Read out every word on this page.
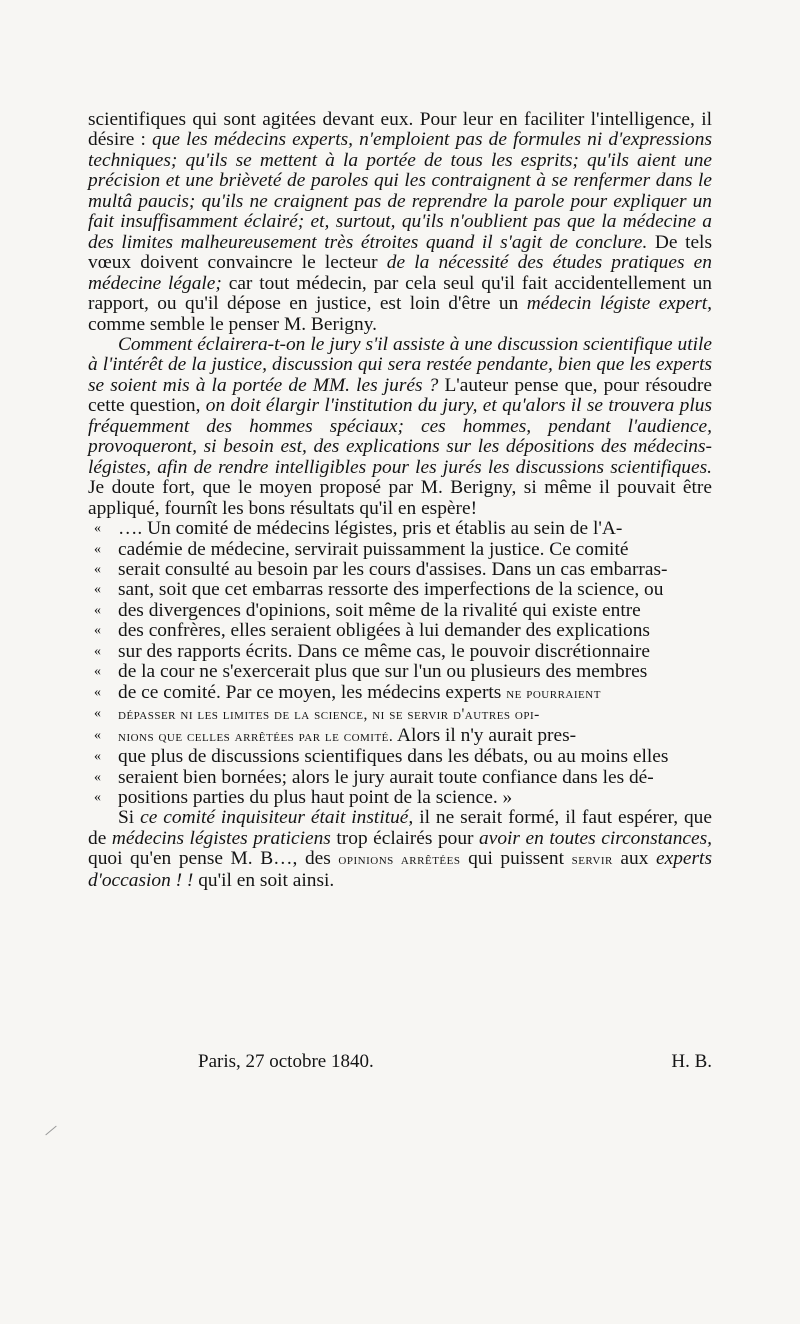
scientifiques qui sont agitées devant eux. Pour leur en faciliter l'intelligence, il désire : que les médecins experts, n'emploient pas de formules ni d'expressions techniques; qu'ils se mettent à la portée de tous les esprits; qu'ils aient une précision et une brièveté de paroles qui les contraignent à se renfermer dans le multâ paucis; qu'ils ne craignent pas de reprendre la parole pour expliquer un fait insuffisamment éclairé; et, surtout, qu'ils n'oublient pas que la médecine a des limites malheureusement très étroites quand il s'agit de conclure. De tels vœux doivent convaincre le lecteur de la nécessité des études pratiques en médecine légale; car tout médecin, par cela seul qu'il fait accidentellement un rapport, ou qu'il dépose en justice, est loin d'être un médecin légiste expert, comme semble le penser M. Berigny.

Comment éclairera-t-on le jury s'il assiste à une discussion scientifique utile à l'intérêt de la justice, discussion qui sera restée pendante, bien que les experts se soient mis à la portée de MM. les jurés ? L'auteur pense que, pour résoudre cette question, on doit élargir l'institution du jury, et qu'alors il se trouvera plus fréquemment des hommes spéciaux; ces hommes, pendant l'audience, provoqueront, si besoin est, des explications sur les dépositions des médecins-légistes, afin de rendre intelligibles pour les jurés les discussions scientifiques. Je doute fort, que le moyen proposé par M. Berigny, si même il pouvait être appliqué, fournît les bons résultats qu'il en espère!

« …. Un comité de médecins légistes, pris et établis au sein de l'A-
« cadémie de médecine, servirait puissamment la justice. Ce comité
« serait consulté au besoin par les cours d'assises. Dans un cas embarras-
« sant, soit que cet embarras ressorte des imperfections de la science, ou
« des divergences d'opinions, soit même de la rivalité qui existe entre
« des confrères, elles seraient obligées à lui demander des explications
« sur des rapports écrits. Dans ce même cas, le pouvoir discrétionnaire
« de la cour ne s'exercerait plus que sur l'un ou plusieurs des membres
« de ce comité. Par ce moyen, les médecins experts ne pourraient
« dépasser ni les limites de la science, ni se servir d'autres opi-
« nions que celles arrêtées par le comité. Alors il n'y aurait pres-
« que plus de discussions scientifiques dans les débats, ou au moins elles
« seraient bien bornées; alors le jury aurait toute confiance dans les dé-
« positions parties du plus haut point de la science. »

Si ce comité inquisiteur était institué, il ne serait formé, il faut espérer, que de médecins légistes praticiens trop éclairés pour avoir en toutes circonstances, quoi qu'en pense M. B…, des opinions arrêtées qui puissent servir aux experts d'occasion ! ! qu'il en soit ainsi.

Paris, 27 octobre 1840.	H. B.
